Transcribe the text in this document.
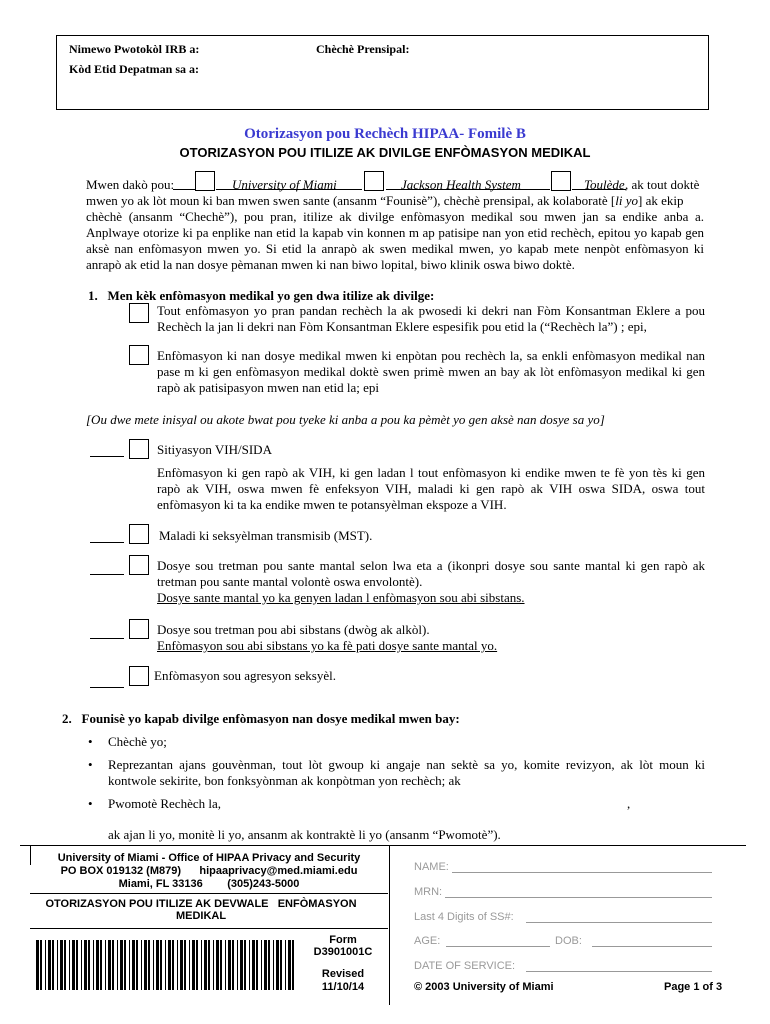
Nimewo Pwotokòl IRB a:	Chèchè Prensipal:
Kòd Etid Depatman sa a:
Otorizasyon pou Rechèch HIPAA- Fomilè B
OTORIZASYON POU ITILIZE AK DIVILGE ENFÒMASYON MEDIKAL
Mwen dakò pou:	University of Miami	Jackson Health System	Toulède , ak tout doktè
mwen yo ak lòt moun ki ban mwen swen sante (ansanm “Founisè”), chèchè prensipal, ak kolaboratè [li yo] ak ekip
chèchè (ansanm “Chechè”), pou pran, itilize ak divilge enfòmasyon medikal sou mwen jan sa endike anba a. Anplwaye otorize ki pa enplike nan etid la kapab vin konnen m ap patisipe nan yon etid rechèch, epitou yo kapab gen aksè nan enfòmasyon mwen yo. Si etid la anrapò ak swen medikal mwen, yo kapab mete nenpòt enfòmasyon ki anrapò ak etid la nan dosye pèmanan mwen ki nan biwo lopital, biwo klinik oswa biwo doktè.
1.   Men kèk enfòmasyon medikal yo gen dwa itilize ak divilge:
Tout enfòmasyon yo pran pandan rechèch la ak pwosedi ki dekri nan Fòm Konsantman Eklere a pou Rechèch la jan li dekri nan Fòm Konsantman Eklere espesifik pou etid la (“Rechèch la”) ; epi,
Enfòmasyon ki nan dosye medikal mwen ki enpòtan pou rechèch la, sa enkli enfòmasyon medikal nan pase m ki gen enfòmasyon medikal doktè swen primè mwen an bay ak lòt enfòmasyon medikal ki gen rapò ak patisipasyon mwen nan etid la; epi
[Ou dwe mete inisyal ou akote bwat pou tyeke ki anba a pou ka pèmèt yo gen aksè nan dosye sa yo]
Sitiyasyon VIH/SIDA
Enfòmasyon ki gen rapò ak VIH, ki gen ladan l tout enfòmasyon ki endike mwen te fè yon tès ki gen rapò ak VIH, oswa mwen fè enfeksyon VIH, maladi ki gen rapò ak VIH oswa SIDA, oswa tout enfòmasyon ki ta ka endike mwen te potansyèlman ekspoze a VIH.
Maladi ki seksyèlman transmisib (MST).
Dosye sou tretman pou sante mantal selon lwa eta a (ikonpri dosye sou sante mantal ki gen rapò ak tretman pou sante mantal volontè oswa envolontè).
Dosye sante mantal yo ka genyen ladan l enfòmasyon sou abi sibstans.
Dosye sou tretman pou abi sibstans (dwòg ak alkòl).
Enfòmasyon sou abi sibstans yo ka fè pati dosye sante mantal yo.
Enfòmasyon sou agresyon seksyèl.
2.   Founisè yo kapab divilge enfòmasyon nan dosye medikal mwen bay:
• Chèchè yo;
• Reprezantan ajans gouvènman, tout lòt gwoup ki angaje nan sektè sa yo, komite revizyon, ak lòt moun ki kontwole sekirite, bon fonksyònman ak konpòtman yon rechèch; ak
• Pwomotè Rechèch la,	,
ak ajan li yo, monitè li yo, ansanm ak kontraktè li yo (ansanm “Pwomotè”).
University of Miami - Office of HIPAA Privacy and Security
PO BOX 019132 (M879)      hipaaprivacy@med.miami.edu
Miami, FL 33136        (305)243-5000
OTORIZASYON POU ITILIZE AK DEVWALE   ENFÒMASYON MEDIKAL
Form
D3901001C
Revised
11/10/14
NAME:
MRN:
Last 4 Digits of SS#:
AGE:	DOB:
DATE OF SERVICE:
© 2003 University of Miami	Page 1 of 3
